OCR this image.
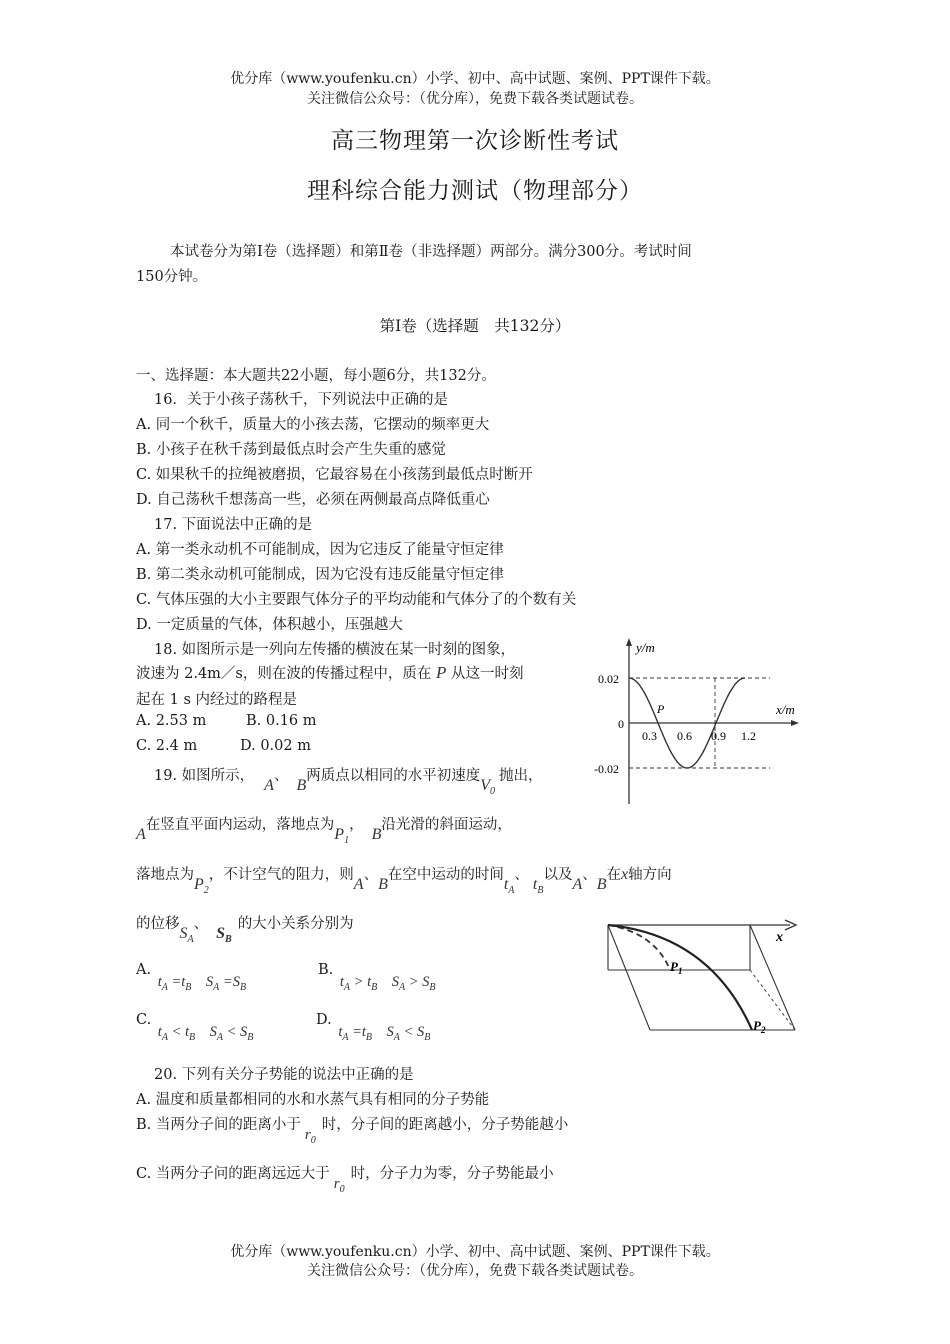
优分库（www.youfenku.cn）小学、初中、高中试题、案例、PPT课件下载。
关注微信公众号：（优分库），免费下载各类试题试卷。
高三物理第一次诊断性考试
理科综合能力测试（物理部分）
本试卷分为第Ⅰ卷（选择题）和第Ⅱ卷（非选择题）两部分。满分300分。考试时间
150分钟。
第Ⅰ卷（选择题　共132分）
一、选择题：本大题共22小题，每小题6分，共132分。
16．关于小孩子荡秋千，下列说法中正确的是
A. 同一个秋千，质量大的小孩去荡，它摆动的频率更大
B. 小孩子在秋千荡到最低点时会产生失重的感觉
C. 如果秋千的拉绳被磨损，它最容易在小孩荡到最低点时断开
D. 自己荡秋千想荡高一些，必须在两侧最高点降低重心
17. 下面说法中正确的是
A. 第一类永动机不可能制成，因为它违反了能量守恒定律
B. 第二类永动机可能制成，因为它没有违反能量守恒定律
C. 气体压强的大小主要跟气体分子的平均动能和气体分了的个数有关
D. 一定质量的气体，体积越小，压强越大
18. 如图所示是一列向左传播的横波在某一时刻的图象，
波速为 2.4m／s，则在波的传播过程中，质在 P 从这一时刻
起在 1 s 内经过的路程是
A. 2.53 m	B. 0.16 m
C. 2.4 m	D. 0.02 m
y/m
x/m
0.02
0
-0.02
0.3 0.6 0.9 1.2
P
19. 如图所示，A、B两质点以相同的水平初速度$V_0$抛出，
A在竖直平面内运动，落地点为$P_1$，B沿光滑的斜面运动，
落地点为$P_2$，不计空气的阻力，则A、B在空中运动的时间$t_A$、$t_B$以及A、B在x轴方向
的位移$S_A$、$S_B$的大小关系分别为
A. $t_A =t_B$ $S_A =S_B$
B. $t_A > t_B$ $S_A > S_B$
C. $t_A < t_B$ $S_A < S_B$
D. $t_A =t_B$ $S_A < S_B$
x
$P_1$
$P_2$
20. 下列有关分子势能的说法中正确的是
A. 温度和质量都相同的水和水蒸气具有相同的分子势能
B. 当两分子间的距离小于$r_0$时，分子间的距离越小，分子势能越小
C. 当两分子问的距离远远大于$r_0$时，分子力为零，分子势能最小
优分库（www.youfenku.cn）小学、初中、高中试题、案例、PPT课件下载。
关注微信公众号：（优分库），免费下载各类试题试卷。
